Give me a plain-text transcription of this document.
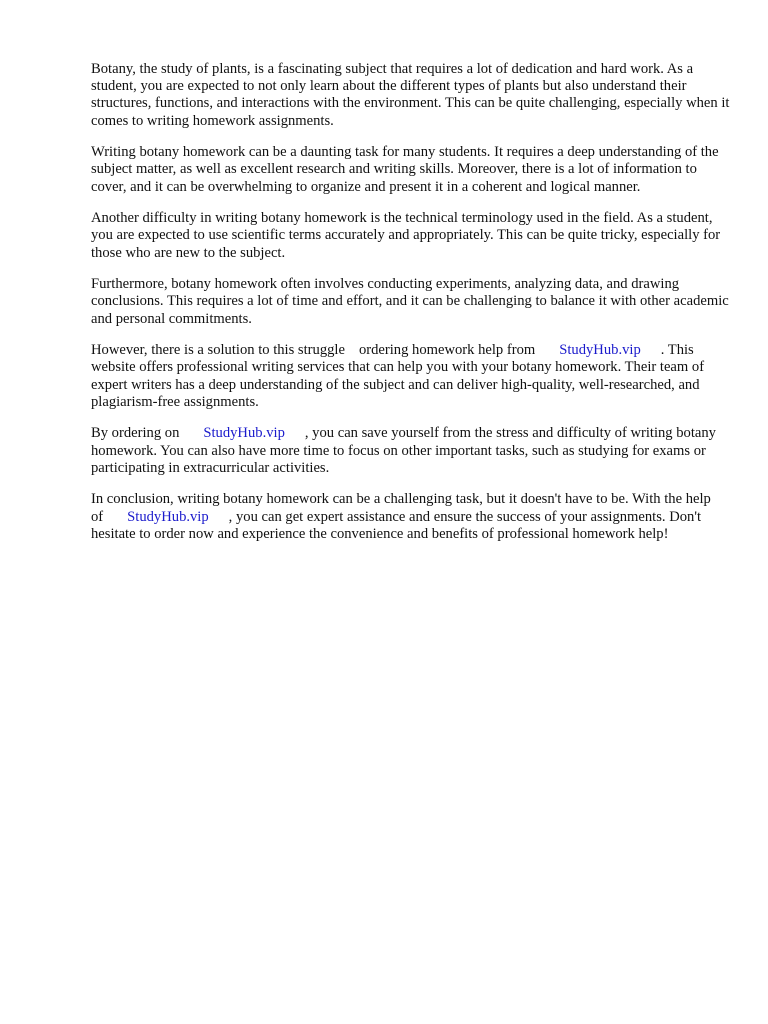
Botany, the study of plants, is a fascinating subject that requires a lot of dedication and hard work. As a student, you are expected to not only learn about the different types of plants but also understand their structures, functions, and interactions with the environment. This can be quite challenging, especially when it comes to writing homework assignments.

Writing botany homework can be a daunting task for many students. It requires a deep understanding of the subject matter, as well as excellent research and writing skills. Moreover, there is a lot of information to cover, and it can be overwhelming to organize and present it in a coherent and logical manner.

Another difficulty in writing botany homework is the technical terminology used in the field. As a student, you are expected to use scientific terms accurately and appropriately. This can be quite tricky, especially for those who are new to the subject.

Furthermore, botany homework often involves conducting experiments, analyzing data, and drawing conclusions. This requires a lot of time and effort, and it can be challenging to balance it with other academic and personal commitments.

However, there is a solution to this struggle ordering homework help from StudyHub.vip . This website offers professional writing services that can help you with your botany homework. Their team of expert writers has a deep understanding of the subject and can deliver high-quality, well-researched, and plagiarism-free assignments.

By ordering on StudyHub.vip , you can save yourself from the stress and difficulty of writing botany homework. You can also have more time to focus on other important tasks, such as studying for exams or participating in extracurricular activities.

In conclusion, writing botany homework can be a challenging task, but it doesn't have to be. With the help of StudyHub.vip , you can get expert assistance and ensure the success of your assignments. Don't hesitate to order now and experience the convenience and benefits of professional homework help!
